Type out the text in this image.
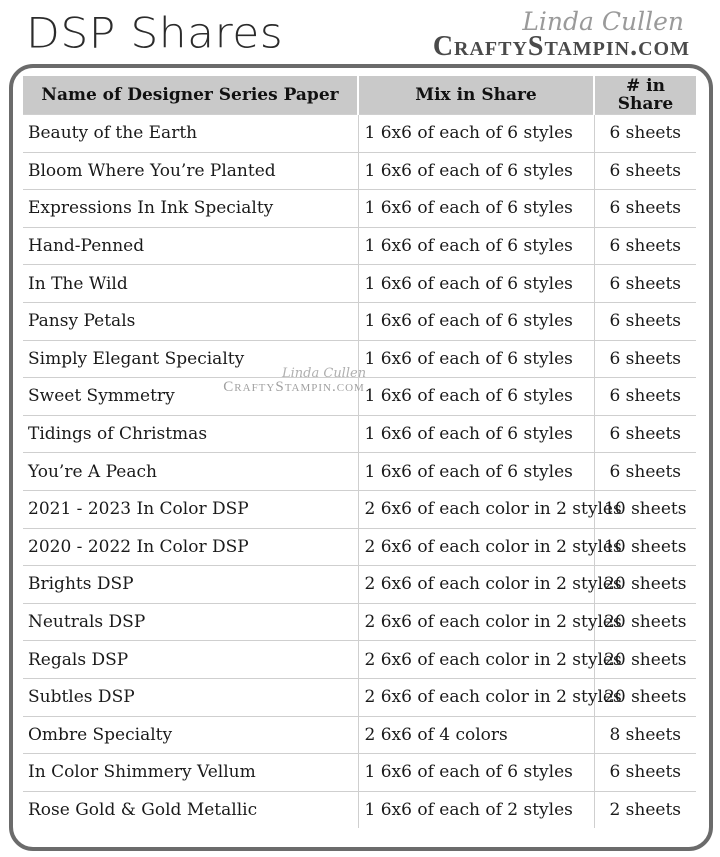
DSP Shares	Linda Cullen
CraftyStampin.com
Name of Designer Series Paper	Mix in Share	# in Share
Beauty of the Earth	1 6x6 of each of 6 styles	6 sheets
Bloom Where You’re Planted	1 6x6 of each of 6 styles	6 sheets
Expressions In Ink Specialty	1 6x6 of each of 6 styles	6 sheets
Hand-Penned	1 6x6 of each of 6 styles	6 sheets
In The Wild	1 6x6 of each of 6 styles	6 sheets
Pansy Petals	1 6x6 of each of 6 styles	6 sheets
Simply Elegant Specialty	1 6x6 of each of 6 styles	6 sheets
Sweet Symmetry	1 6x6 of each of 6 styles	6 sheets
Tidings of Christmas	1 6x6 of each of 6 styles	6 sheets
You’re A Peach	1 6x6 of each of 6 styles	6 sheets
2021 - 2023 In Color DSP	2 6x6 of each color in 2 styles	10 sheets
2020 - 2022 In Color DSP	2 6x6 of each color in 2 styles	10 sheets
Brights DSP	2 6x6 of each color in 2 styles	20 sheets
Neutrals DSP	2 6x6 of each color in 2 styles	20 sheets
Regals DSP	2 6x6 of each color in 2 styles	20 sheets
Subtles DSP	2 6x6 of each color in 2 styles	20 sheets
Ombre Specialty	2 6x6 of 4 colors	8 sheets
In Color Shimmery Vellum	1 6x6 of each of 6 styles	6 sheets
Rose Gold & Gold Metallic	1 6x6 of each of 2 styles	2 sheets
Linda Cullen
CraftyStampin.com
